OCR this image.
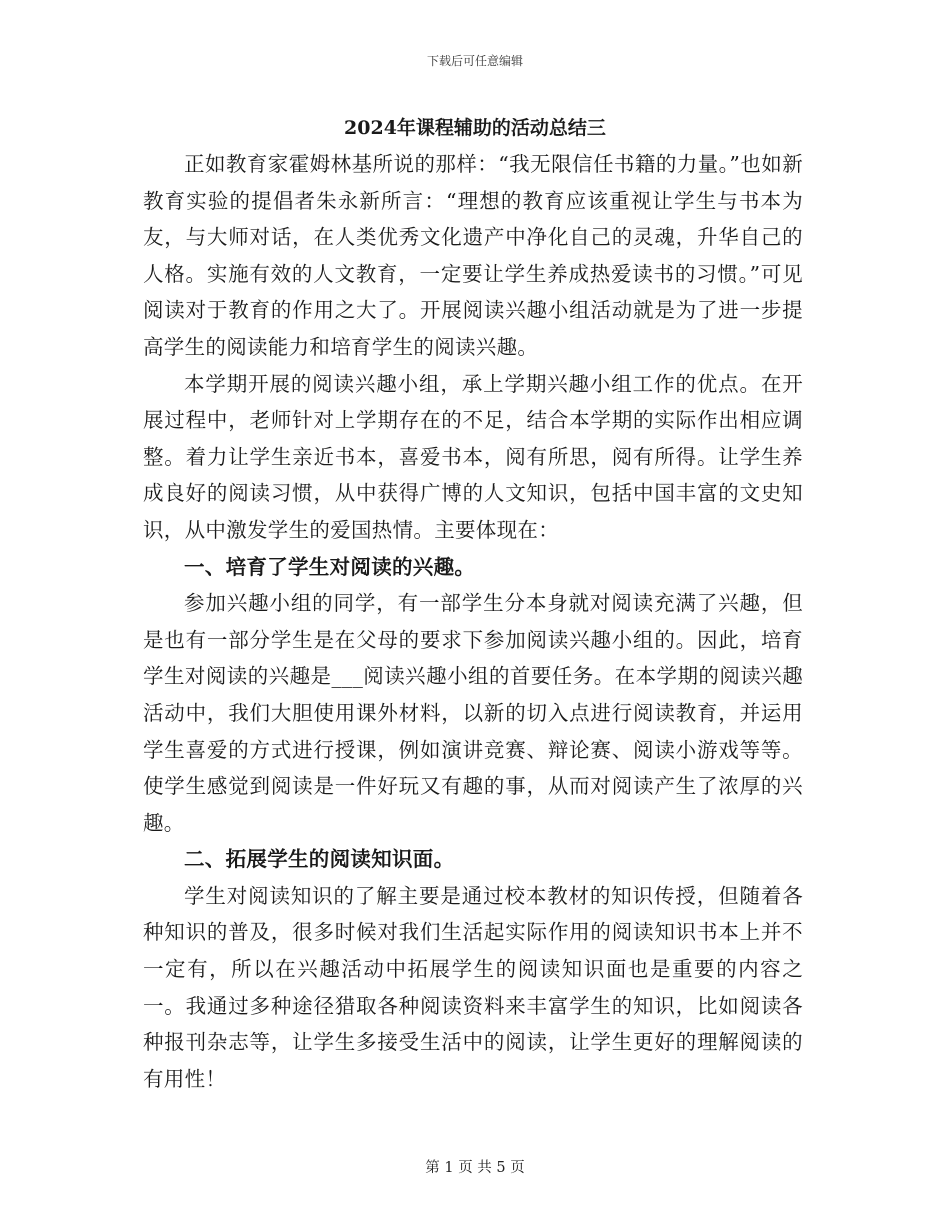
下载后可任意编辑
2024年课程辅助的活动总结三

正如教育家霍姆林基所说的那样：“我无限信任书籍的力量。”也如新教育实验的提倡者朱永新所言：“理想的教育应该重视让学生与书本为友，与大师对话，在人类优秀文化遗产中净化自己的灵魂，升华自己的人格。实施有效的人文教育，一定要让学生养成热爱读书的习惯。”可见阅读对于教育的作用之大了。开展阅读兴趣小组活动就是为了进一步提高学生的阅读能力和培育学生的阅读兴趣。

本学期开展的阅读兴趣小组，承上学期兴趣小组工作的优点。在开展过程中，老师针对上学期存在的不足，结合本学期的实际作出相应调整。着力让学生亲近书本，喜爱书本，阅有所思，阅有所得。让学生养成良好的阅读习惯，从中获得广博的人文知识，包括中国丰富的文史知识，从中激发学生的爱国热情。主要体现在：

一、培育了学生对阅读的兴趣。

参加兴趣小组的同学，有一部学生分本身就对阅读充满了兴趣，但是也有一部分学生是在父母的要求下参加阅读兴趣小组的。因此，培育学生对阅读的兴趣是___阅读兴趣小组的首要任务。在本学期的阅读兴趣活动中，我们大胆使用课外材料，以新的切入点进行阅读教育，并运用学生喜爱的方式进行授课，例如演讲竞赛、辩论赛、阅读小游戏等等。使学生感觉到阅读是一件好玩又有趣的事，从而对阅读产生了浓厚的兴趣。

二、拓展学生的阅读知识面。

学生对阅读知识的了解主要是通过校本教材的知识传授，但随着各种知识的普及，很多时候对我们生活起实际作用的阅读知识书本上并不一定有，所以在兴趣活动中拓展学生的阅读知识面也是重要的内容之一。我通过多种途径猎取各种阅读资料来丰富学生的知识，比如阅读各种报刊杂志等，让学生多接受生活中的阅读，让学生更好的理解阅读的有用性！

第 1 页 共 5 页
